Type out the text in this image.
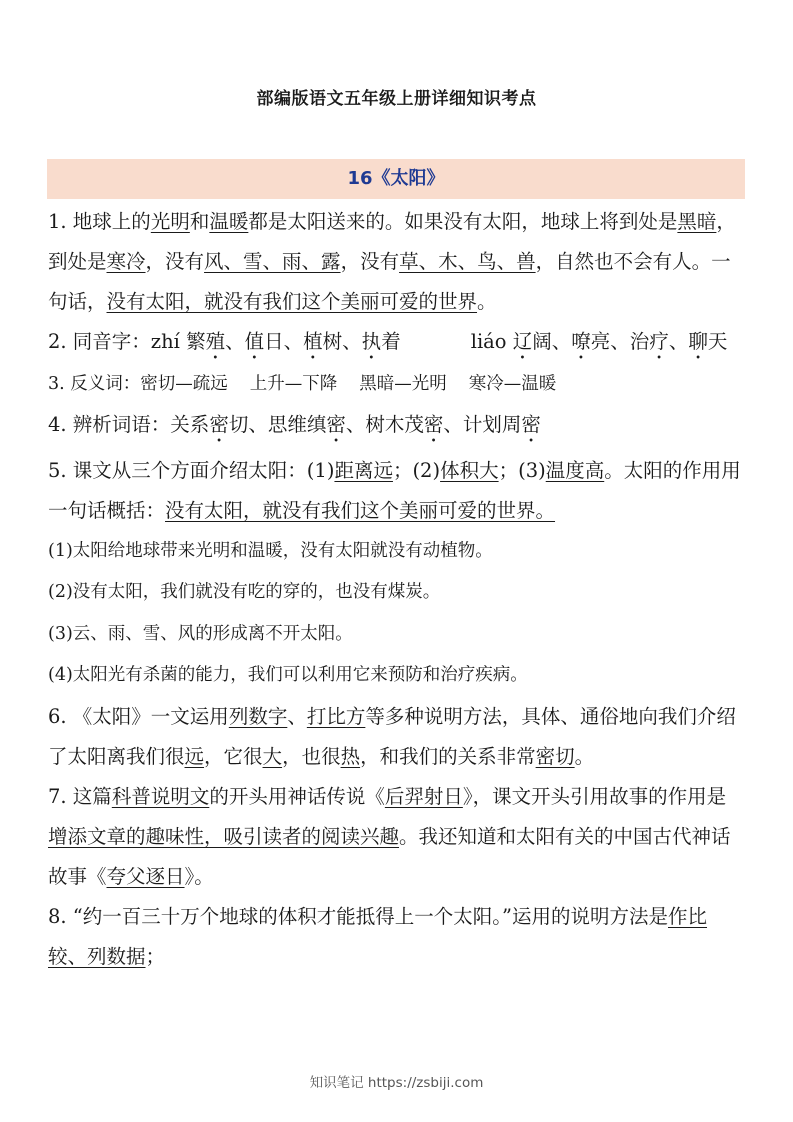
部编版语文五年级上册详细知识考点
16《太阳》

1. 地球上的光明和温暖都是太阳送来的。如果没有太阳，地球上将到处是黑暗，到处是寒冷，没有风、雪、雨、露，没有草、木、鸟、兽，自然也不会有人。一句话，没有太阳，就没有我们这个美丽可爱的世界。

2. 同音字：zhí 繁殖、值日、植树、执着	liáo 辽阔、嘹亮、治疗、聊天

3. 反义词：密切—疏远 上升—下降 黑暗—光明 寒冷—温暖

4. 辨析词语：关系密切、思维缜密、树木茂密、计划周密

5. 课文从三个方面介绍太阳：(1)距离远；(2)体积大；(3)温度高。太阳的作用用一句话概括：没有太阳，就没有我们这个美丽可爱的世界。

(1)太阳给地球带来光明和温暖，没有太阳就没有动植物。

(2)没有太阳，我们就没有吃的穿的，也没有煤炭。

(3)云、雨、雪、风的形成离不开太阳。

(4)太阳光有杀菌的能力，我们可以利用它来预防和治疗疾病。

6. 《太阳》一文运用列数字、打比方等多种说明方法，具体、通俗地向我们介绍了太阳离我们很远，它很大，也很热，和我们的关系非常密切。

7. 这篇科普说明文的开头用神话传说《后羿射日》，课文开头引用故事的作用是增添文章的趣味性，吸引读者的阅读兴趣。我还知道和太阳有关的中国古代神话故事《夸父逐日》。

8. “约一百三十万个地球的体积才能抵得上一个太阳。”运用的说明方法是作比较、列数据；

知识笔记 https://zsbiji.com
